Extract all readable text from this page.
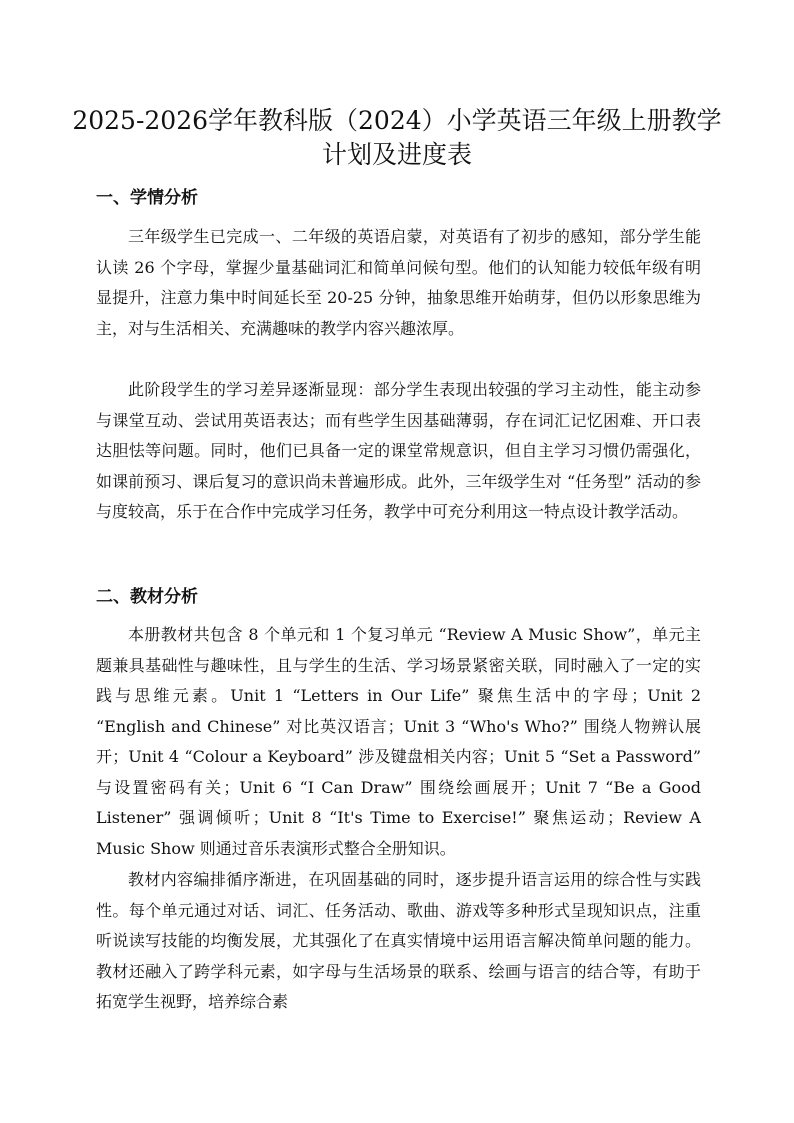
2025-2026学年教科版（2024）小学英语三年级上册教学计划及进度表
一、学情分析

三年级学生已完成一、二年级的英语启蒙，对英语有了初步的感知，部分学生能认读 26 个字母，掌握少量基础词汇和简单问候句型。他们的认知能力较低年级有明显提升，注意力集中时间延长至 20-25 分钟，抽象思维开始萌芽，但仍以形象思维为主，对与生活相关、充满趣味的教学内容兴趣浓厚。

此阶段学生的学习差异逐渐显现：部分学生表现出较强的学习主动性，能主动参与课堂互动、尝试用英语表达；而有些学生因基础薄弱，存在词汇记忆困难、开口表达胆怯等问题。同时，他们已具备一定的课堂常规意识，但自主学习习惯仍需强化，如课前预习、课后复习的意识尚未普遍形成。此外，三年级学生对 “任务型” 活动的参与度较高，乐于在合作中完成学习任务，教学中可充分利用这一特点设计教学活动。

二、教材分析

本册教材共包含 8 个单元和 1 个复习单元 “Review A Music Show”，单元主题兼具基础性与趣味性，且与学生的生活、学习场景紧密关联，同时融入了一定的实践与思维元素。Unit 1 “Letters in Our Life” 聚焦生活中的字母；Unit 2 “English and Chinese” 对比英汉语言；Unit 3 “Who's Who?” 围绕人物辨认展开；Unit 4 “Colour a Keyboard” 涉及键盘相关内容；Unit 5 “Set a Password” 与设置密码有关；Unit 6 “I Can Draw” 围绕绘画展开；Unit 7 “Be a Good Listener” 强调倾听；Unit 8 “It's Time to Exercise!” 聚焦运动；Review A Music Show 则通过音乐表演形式整合全册知识。

教材内容编排循序渐进，在巩固基础的同时，逐步提升语言运用的综合性与实践性。每个单元通过对话、词汇、任务活动、歌曲、游戏等多种形式呈现知识点，注重听说读写技能的均衡发展，尤其强化了在真实情境中运用语言解决简单问题的能力。教材还融入了跨学科元素，如字母与生活场景的联系、绘画与语言的结合等，有助于拓宽学生视野，培养综合素
